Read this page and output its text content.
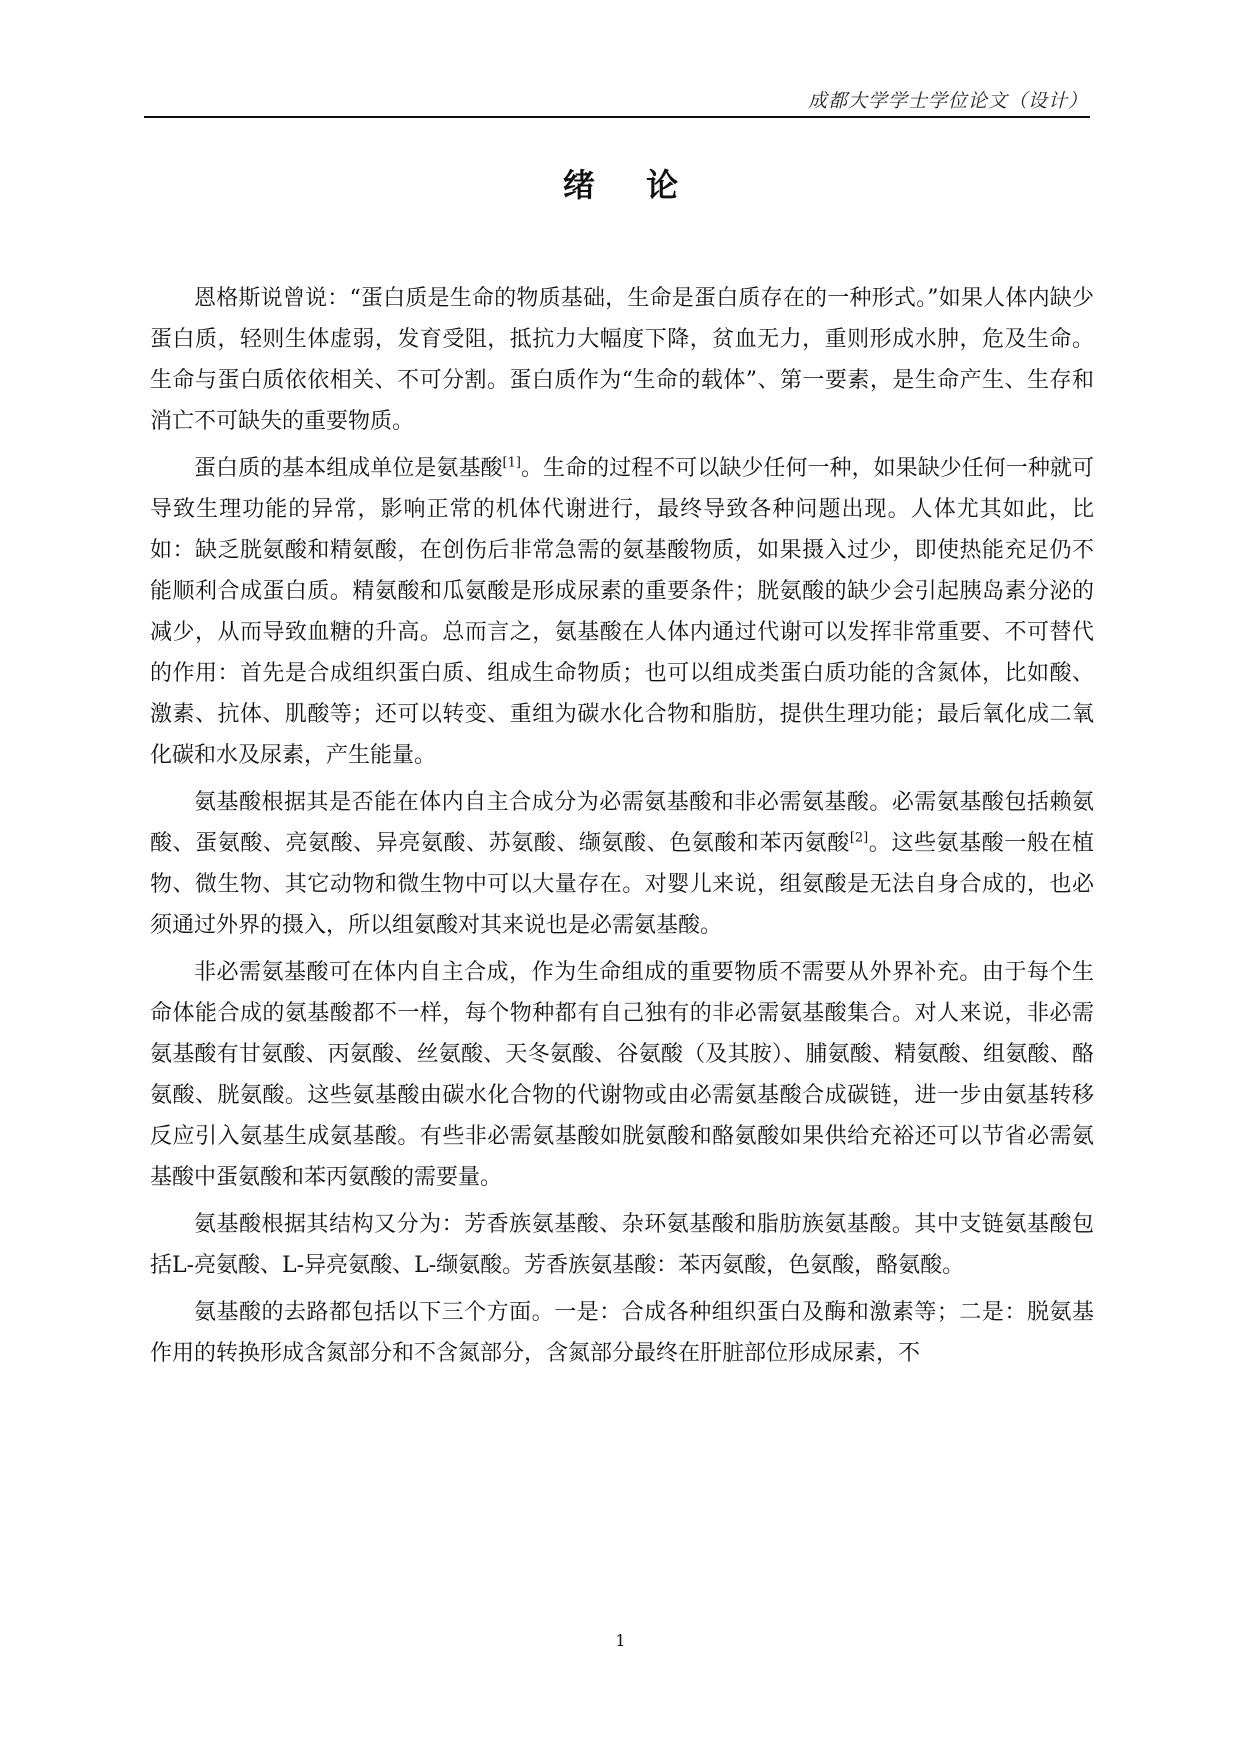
成都大学学士学位论文（设计）
绪 论

恩格斯说曾说：“蛋白质是生命的物质基础，生命是蛋白质存在的一种形式。”如果人体内缺少蛋白质，轻则生体虚弱，发育受阻，抵抗力大幅度下降，贫血无力，重则形成水肿，危及生命。生命与蛋白质依依相关、不可分割。蛋白质作为“生命的载体”、第一要素，是生命产生、生存和消亡不可缺失的重要物质。

蛋白质的基本组成单位是氨基酸[1]。生命的过程不可以缺少任何一种，如果缺少任何一种就可导致生理功能的异常，影响正常的机体代谢进行，最终导致各种问题出现。人体尤其如此，比如：缺乏胱氨酸和精氨酸，在创伤后非常急需的氨基酸物质，如果摄入过少，即使热能充足仍不能顺利合成蛋白质。精氨酸和瓜氨酸是形成尿素的重要条件；胱氨酸的缺少会引起胰岛素分泌的减少，从而导致血糖的升高。总而言之，氨基酸在人体内通过代谢可以发挥非常重要、不可替代的作用：首先是合成组织蛋白质、组成生命物质；也可以组成类蛋白质功能的含氮体，比如酸、激素、抗体、肌酸等；还可以转变、重组为碳水化合物和脂肪，提供生理功能；最后氧化成二氧化碳和水及尿素，产生能量。

氨基酸根据其是否能在体内自主合成分为必需氨基酸和非必需氨基酸。必需氨基酸包括赖氨酸、蛋氨酸、亮氨酸、异亮氨酸、苏氨酸、缬氨酸、色氨酸和苯丙氨酸[2]。这些氨基酸一般在植物、微生物、其它动物和微生物中可以大量存在。对婴儿来说，组氨酸是无法自身合成的，也必须通过外界的摄入，所以组氨酸对其来说也是必需氨基酸。

非必需氨基酸可在体内自主合成，作为生命组成的重要物质不需要从外界补充。由于每个生命体能合成的氨基酸都不一样，每个物种都有自己独有的非必需氨基酸集合。对人来说，非必需氨基酸有甘氨酸、丙氨酸、丝氨酸、天冬氨酸、谷氨酸（及其胺）、脯氨酸、精氨酸、组氨酸、酪氨酸、胱氨酸。这些氨基酸由碳水化合物的代谢物或由必需氨基酸合成碳链，进一步由氨基转移反应引入氨基生成氨基酸。有些非必需氨基酸如胱氨酸和酪氨酸如果供给充裕还可以节省必需氨基酸中蛋氨酸和苯丙氨酸的需要量。

氨基酸根据其结构又分为：芳香族氨基酸、杂环氨基酸和脂肪族氨基酸。其中支链氨基酸包括L-亮氨酸、L-异亮氨酸、L-缬氨酸。芳香族氨基酸：苯丙氨酸，色氨酸，酪氨酸。

氨基酸的去路都包括以下三个方面。一是：合成各种组织蛋白及酶和激素等；二是：脱氨基作用的转换形成含氮部分和不含氮部分，含氮部分最终在肝脏部位形成尿素，不

1
